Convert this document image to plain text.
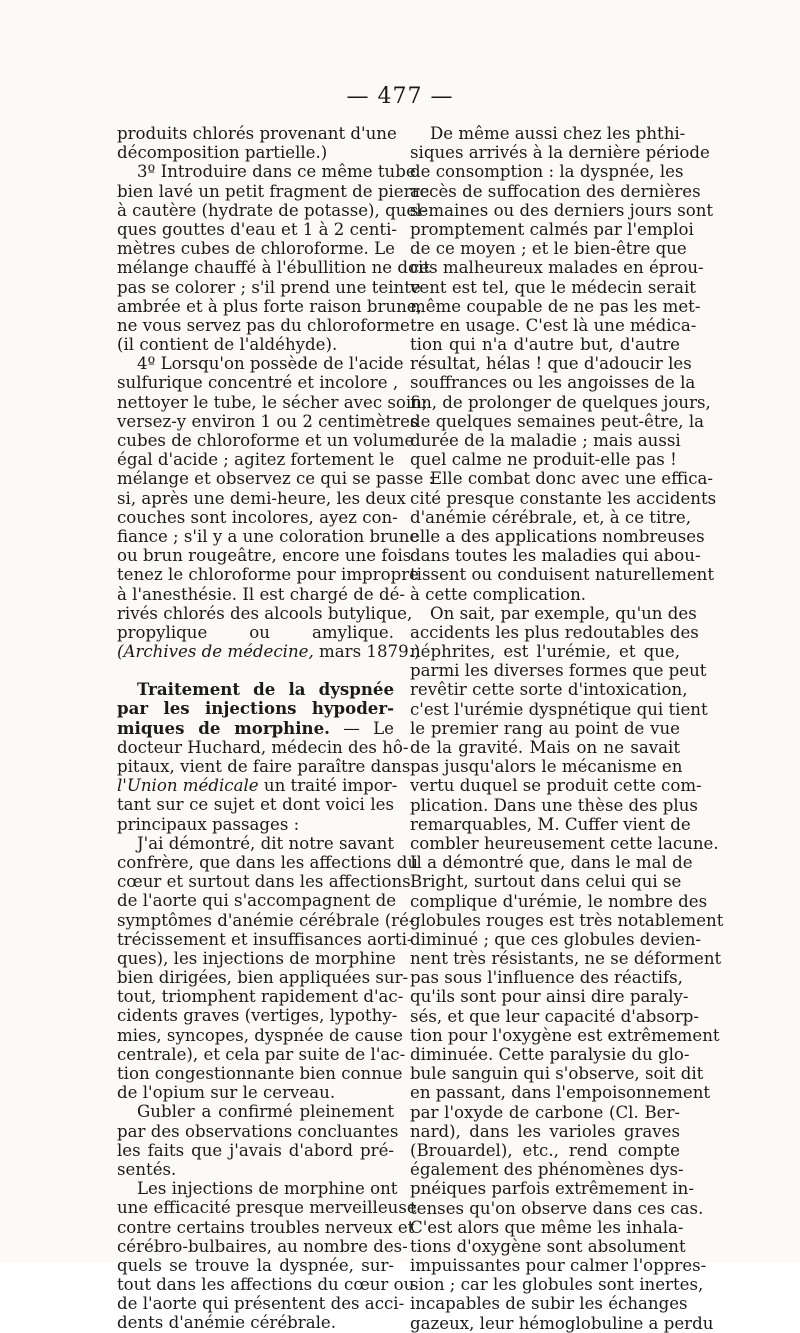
— 477 —
produits chlorés provenant d'une
décomposition partielle.)
3º Introduire dans ce même tube
bien lavé un petit fragment de pierre
à cautère (hydrate de potasse), quel-
ques gouttes d'eau et 1 à 2 centi-
mètres cubes de chloroforme. Le
mélange chauffé à l'ébullition ne doit
pas se colorer ; s'il prend une teinte
ambrée et à plus forte raison brune,
ne vous servez pas du chloroforme
(il contient de l'aldéhyde).
4º Lorsqu'on possède de l'acide
sulfurique concentré et incolore ,
nettoyer le tube, le sécher avec soin;
versez-y environ 1 ou 2 centimètres
cubes de chloroforme et un volume
égal d'acide ; agitez fortement le
mélange et observez ce qui se passe :
si, après une demi-heure, les deux
couches sont incolores, ayez con-
fiance ; s'il y a une coloration brune
ou brun rougeâtre, encore une fois
tenez le chloroforme pour impropre
à l'anesthésie. Il est chargé de dé-
rivés chlorés des alcools butylique,
propylique ou amylique.
(Archives de médecine, mars 1879.)
Traitement de la dyspnée
par les injections hypoder-
miques de morphine. — Le
docteur Huchard, médecin des hô-
pitaux, vient de faire paraître dans
l'Union médicale un traité impor-
tant sur ce sujet et dont voici les
principaux passages :
J'ai démontré, dit notre savant
confrère, que dans les affections du
cœur et surtout dans les affections
de l'aorte qui s'accompagnent de
symptômes d'anémie cérébrale (ré-
trécissement et insuffisances aorti-
ques), les injections de morphine
bien dirigées, bien appliquées sur-
tout, triomphent rapidement d'ac-
cidents graves (vertiges, lypothy-
mies, syncopes, dyspnée de cause
centrale), et cela par suite de l'ac-
tion congestionnante bien connue
de l'opium sur le cerveau.
Gubler a confirmé pleinement
par des observations concluantes
les faits que j'avais d'abord pré-
sentés.
Les injections de morphine ont
une efficacité presque merveilleuse
contre certains troubles nerveux et
cérébro-bulbaires, au nombre des-
quels se trouve la dyspnée, sur-
tout dans les affections du cœur ou
de l'aorte qui présentent des acci-
dents d'anémie cérébrale.
De même aussi chez les phthi-
siques arrivés à la dernière période
de consomption : la dyspnée, les
accès de suffocation des dernières
semaines ou des derniers jours sont
promptement calmés par l'emploi
de ce moyen ; et le bien-être que
ces malheureux malades en éprou-
vent est tel, que le médecin serait
même coupable de ne pas les met-
tre en usage. C'est là une médica-
tion qui n'a d'autre but, d'autre
résultat, hélas ! que d'adoucir les
souffrances ou les angoisses de la
fin, de prolonger de quelques jours,
de quelques semaines peut-être, la
durée de la maladie ; mais aussi
quel calme ne produit-elle pas !
Elle combat donc avec une effica-
cité presque constante les accidents
d'anémie cérébrale, et, à ce titre,
elle a des applications nombreuses
dans toutes les maladies qui abou-
tissent ou conduisent naturellement
à cette complication.
On sait, par exemple, qu'un des
accidents les plus redoutables des
néphrites, est l'urémie, et que,
parmi les diverses formes que peut
revêtir cette sorte d'intoxication,
c'est l'urémie dyspnétique qui tient
le premier rang au point de vue
de la gravité. Mais on ne savait
pas jusqu'alors le mécanisme en
vertu duquel se produit cette com-
plication. Dans une thèse des plus
remarquables, M. Cuffer vient de
combler heureusement cette lacune.
Il a démontré que, dans le mal de
Bright, surtout dans celui qui se
complique d'urémie, le nombre des
globules rouges est très notablement
diminué ; que ces globules devien-
nent très résistants, ne se déforment
pas sous l'influence des réactifs,
qu'ils sont pour ainsi dire paraly-
sés, et que leur capacité d'absorp-
tion pour l'oxygène est extrêmement
diminuée. Cette paralysie du glo-
bule sanguin qui s'observe, soit dit
en passant, dans l'empoisonnement
par l'oxyde de carbone (Cl. Ber-
nard), dans les varioles graves
(Brouardel), etc., rend compte
également des phénomènes dys-
pnéiques parfois extrêmement in-
tenses qu'on observe dans ces cas.
C'est alors que même les inhala-
tions d'oxygène sont absolument
impuissantes pour calmer l'oppres-
sion ; car les globules sont inertes,
incapables de subir les échanges
gazeux, leur hémoglobuline a perdu
